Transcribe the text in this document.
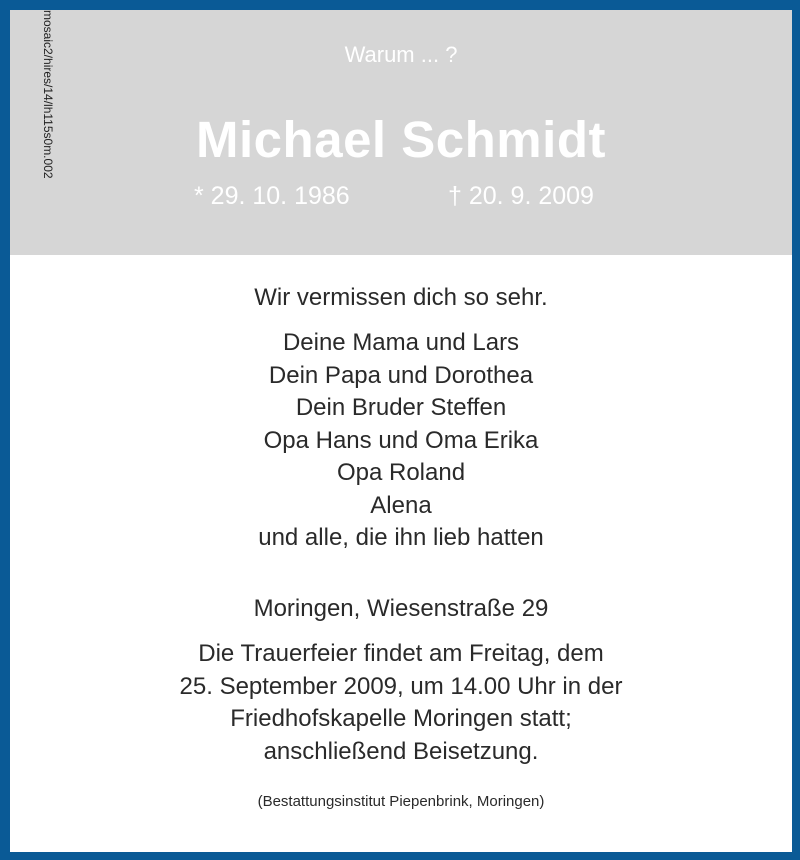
Warum ... ?
Michael Schmidt
* 29. 10. 1986	† 20. 9. 2009
mosaic2/hires/14/lh115s0m.002
Wir vermissen dich so sehr.
Deine Mama und Lars
Dein Papa und Dorothea
Dein Bruder Steffen
Opa Hans und Oma Erika
Opa Roland
Alena
und alle, die ihn lieb hatten
Moringen, Wiesenstraße 29
Die Trauerfeier findet am Freitag, dem
25. September 2009, um 14.00 Uhr in der
Friedhofskapelle Moringen statt;
anschließend Beisetzung.
(Bestattungsinstitut Piepenbrink, Moringen)
